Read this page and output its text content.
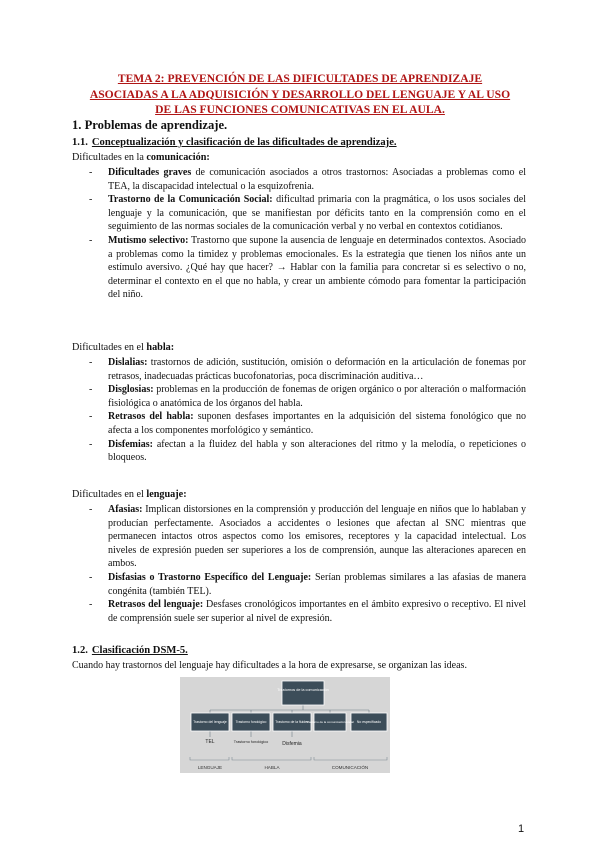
TEMA 2: PREVENCIÓN DE LAS DIFICULTADES DE APRENDIZAJE
ASOCIADAS A LA ADQUISICIÓN Y DESARROLLO DEL LENGUAJE Y AL USO
DE LAS FUNCIONES COMUNICATIVAS EN EL AULA.
1. Problemas de aprendizaje.
1.1. Conceptualización y clasificación de las dificultades de aprendizaje.
Dificultades en la comunicación:
- Dificultades graves de comunicación asociados a otros trastornos: Asociadas a problemas como el TEA, la discapacidad intelectual o la esquizofrenia.
- Trastorno de la Comunicación Social: dificultad primaria con la pragmática, o los usos sociales del lenguaje y la comunicación, que se manifiestan por déficits tanto en la comprensión como en el seguimiento de las normas sociales de la comunicación verbal y no verbal en contextos cotidianos.
- Mutismo selectivo: Trastorno que supone la ausencia de lenguaje en determinados contextos. Asociado a problemas como la timidez y problemas emocionales. Es la estrategia que tienen los niños ante un estímulo aversivo. ¿Qué hay que hacer? → Hablar con la familia para concretar si es selectivo o no, determinar el contexto en el que no habla, y crear un ambiente cómodo para fomentar la participación del niño.
Dificultades en el habla:
- Dislalias: trastornos de adición, sustitución, omisión o deformación en la articulación de fonemas por retrasos, inadecuadas prácticas bucofonatorias, poca discriminación auditiva…
- Disglosias: problemas en la producción de fonemas de origen orgánico o por alteración o malformación fisiológica o anatómica de los órganos del habla.
- Retrasos del habla: suponen desfases importantes en la adquisición del sistema fonológico que no afecta a los componentes morfológico y semántico.
- Disfemias: afectan a la fluidez del habla y son alteraciones del ritmo y la melodía, o repeticiones o bloqueos.
Dificultades en el lenguaje:
- Afasias: Implican distorsiones en la comprensión y producción del lenguaje en niños que lo hablaban y producían perfectamente. Asociados a accidentes o lesiones que afectan al SNC mientras que permanecen intactos otros aspectos como los emisores, receptores y la capacidad intelectual. Los niveles de expresión pueden ser superiores a los de comprensión, aunque las alteraciones aparecen en ambos.
- Disfasias o Trastorno Específico del Lenguaje: Serían problemas similares a las afasias de manera congénita (también TEL).
- Retrasos del lenguaje: Desfases cronológicos importantes en el ámbito expresivo o receptivo. El nivel de comprensión suele ser superior al nivel de expresión.
1.2. Clasificación DSM-5.
Cuando hay trastornos del lenguaje hay dificultades a la hora de expresarse, se organizan las ideas.
Trastornos de la comunicación
Trastorno del lenguaje	Trastorno fonológico	Trastorno de la fluidez
Trastorno de la comunicación social No especificado
TEL	Trastorno fonológico	Disfemia
LENGUAJE	HABLA	COMUNICACIÓN
1
